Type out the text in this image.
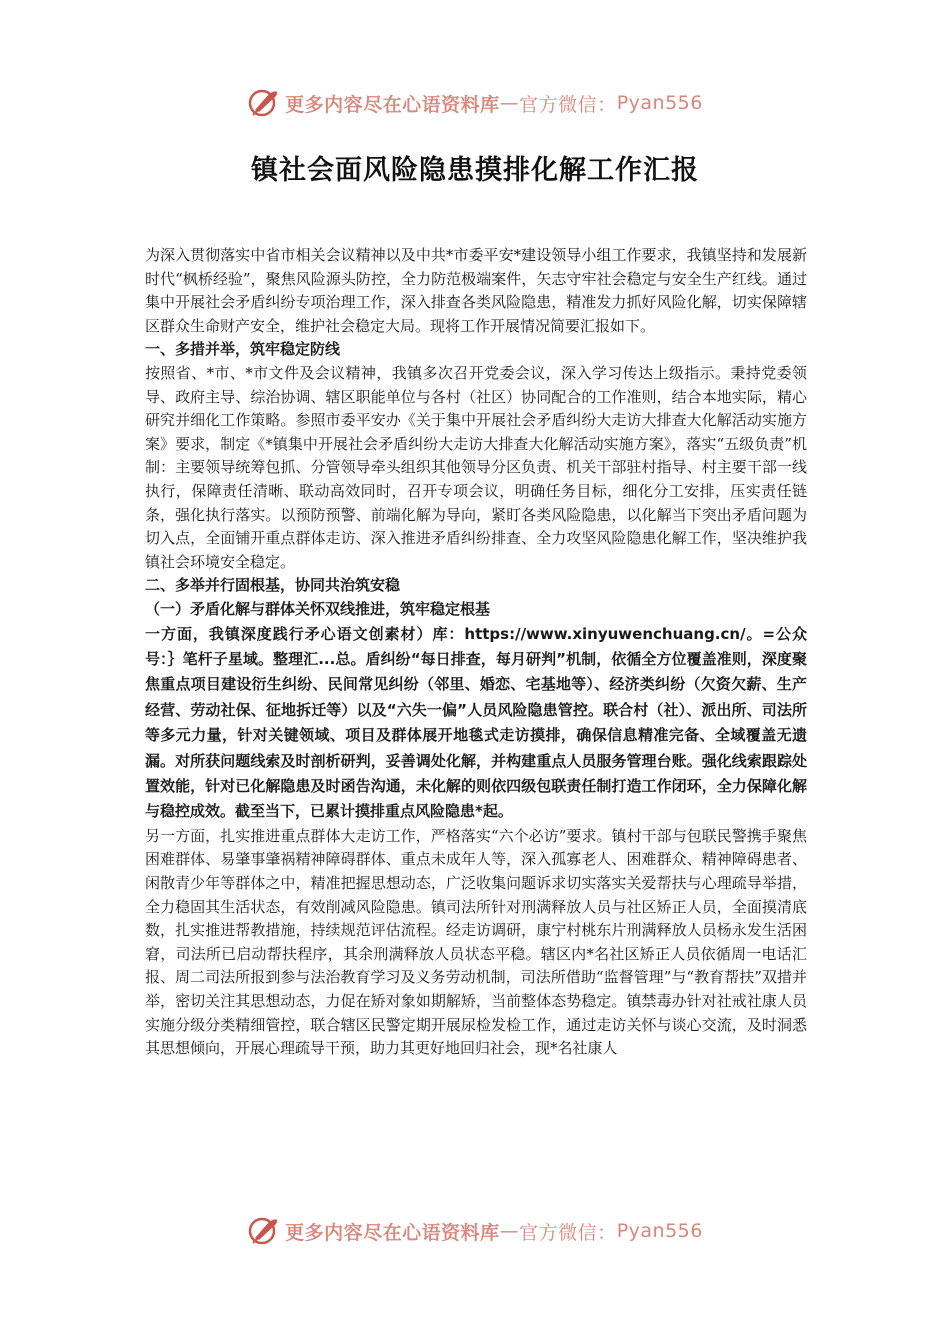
更多内容尽在心语资料库 — 官方微信： Pyan556
镇社会面风险隐患摸排化解工作汇报

为深入贯彻落实中省市相关会议精神以及中共*市委平安*建设领导小组工作要求，我镇坚持和发展新时代“枫桥经验”，聚焦风险源头防控，全力防范极端案件，矢志守牢社会稳定与安全生产红线。通过集中开展社会矛盾纠纷专项治理工作，深入排查各类风险隐患，精准发力抓好风险化解，切实保障辖区群众生命财产安全，维护社会稳定大局。现将工作开展情况简要汇报如下。

一、多措并举，筑牢稳定防线

按照省、*市、*市文件及会议精神，我镇多次召开党委会议，深入学习传达上级指示。秉持党委领导、政府主导、综治协调、辖区职能单位与各村（社区）协同配合的工作准则，结合本地实际，精心研究并细化工作策略。参照市委平安办《关于集中开展社会矛盾纠纷大走访大排查大化解活动实施方案》要求，制定《*镇集中开展社会矛盾纠纷大走访大排查大化解活动实施方案》，落实“五级负责”机制：主要领导统筹包抓、分管领导牵头组织其他领导分区负责、机关干部驻村指导、村主要干部一线执行，保障责任清晰、联动高效同时，召开专项会议，明确任务目标，细化分工安排，压实责任链条，强化执行落实。以预防预警、前端化解为导向，紧盯各类风险隐患，以化解当下突出矛盾问题为切入点，全面铺开重点群体走访、深入推进矛盾纠纷排查、全力攻坚风险隐患化解工作，坚决维护我镇社会环境安全稳定。

二、多举并行固根基，协同共治筑安稳

（一）矛盾化解与群体关怀双线推进，筑牢稳定根基

一方面，我镇深度践行矛心语文创素材）库：https://www.xinyuwenchuang.cn/。=公众号：｝笔杆子星域。整理汇...总。盾纠纷“每日排查，每月研判”机制，依循全方位覆盖准则，深度聚焦重点项目建设衍生纠纷、民间常见纠纷（邻里、婚恋、宅基地等）、经济类纠纷（欠资欠薪、生产经营、劳动社保、征地拆迁等）以及“六失一偏”人员风险隐患管控。联合村（社）、派出所、司法所等多元力量，针对关键领域、项目及群体展开地毯式走访摸排，确保信息精准完备、全域覆盖无遗漏。对所获问题线索及时剖析研判，妥善调处化解，并构建重点人员服务管理台账。强化线索跟踪处置效能，针对已化解隐患及时函告沟通，未化解的则依四级包联责任制打造工作闭环，全力保障化解与稳控成效。截至当下，已累计摸排重点风险隐患*起。

另一方面，扎实推进重点群体大走访工作，严格落实“六个必访”要求。镇村干部与包联民警携手聚焦困难群体、易肇事肇祸精神障碍群体、重点未成年人等，深入孤寡老人、困难群众、精神障碍患者、闲散青少年等群体之中，精准把握思想动态，广泛收集问题诉求切实落实关爱帮扶与心理疏导举措，全力稳固其生活状态，有效削减风险隐患。镇司法所针对刑满释放人员与社区矫正人员，全面摸清底数，扎实推进帮教措施，持续规范评估流程。经走访调研，康宁村桃东片刑满释放人员杨永发生活困窘，司法所已启动帮扶程序，其余刑满释放人员状态平稳。辖区内*名社区矫正人员依循周一电话汇报、周二司法所报到参与法治教育学习及义务劳动机制，司法所借助“监督管理”与“教育帮扶”双措并举，密切关注其思想动态，力促在矫对象如期解矫，当前整体态势稳定。镇禁毒办针对社戒社康人员实施分级分类精细管控，联合辖区民警定期开展尿检发检工作，通过走访关怀与谈心交流，及时洞悉其思想倾向，开展心理疏导干预，助力其更好地回归社会，现*名社康人

更多内容尽在心语资料库 — 官方微信： Pyan556
